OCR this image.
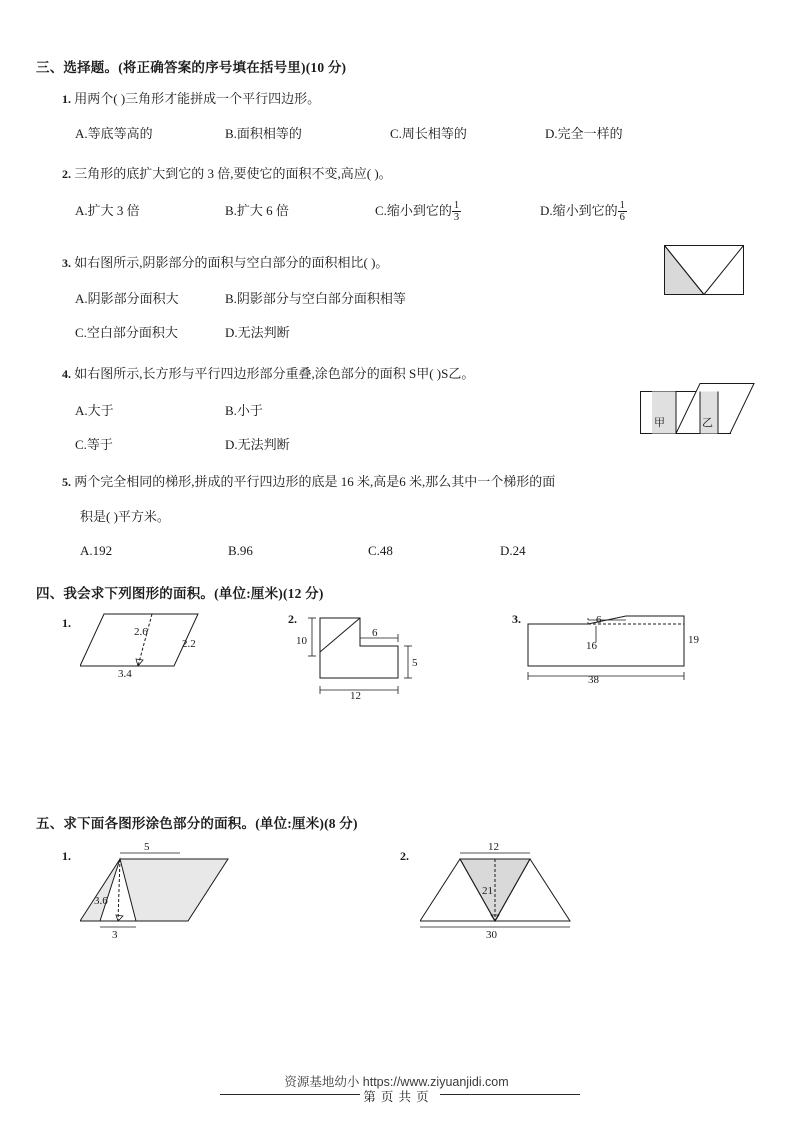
三、选择题。(将正确答案的序号填在括号里)(10 分)
1. 用两个( )三角形才能拼成一个平行四边形。
A.等底等高的	B.面积相等的	C.周长相等的	D.完全一样的
2. 三角形的底扩大到它的 3 倍,要使它的面积不变,高应( )。
A.扩大 3 倍	B.扩大 6 倍	C.缩小到它的 $\frac{1}{3}$	D.缩小到它的 $\frac{1}{6}$
3. 如右图所示,阴影部分的面积与空白部分的面积相比( )。
A.阴影部分面积大	B.阴影部分与空白部分面积相等
C.空白部分面积大	D.无法判断
4. 如右图所示,长方形与平行四边形部分重叠,涂色部分的面积 S甲( )S乙。
A.大于	B.小于
C.等于	D.无法判断
甲	乙
5. 两个完全相同的梯形,拼成的平行四边形的底是 16 米,高是6 米,那么其中一个梯形的面
积是( )平方米。
A.192	B.96	C.48	D.24
四、我会求下列图形的面积。(单位:厘米)(12 分)
1.
2.6
2.2
3.4
2.
10
6
5
12
3.	6
16	19
38
五、求下面各图形涂色部分的面积。(单位:厘米)(8 分)
1.
5
3.6
3
2.
12
21
30
资源基地幼小 https://www.ziyuanjidi.com
第 页 共 页
